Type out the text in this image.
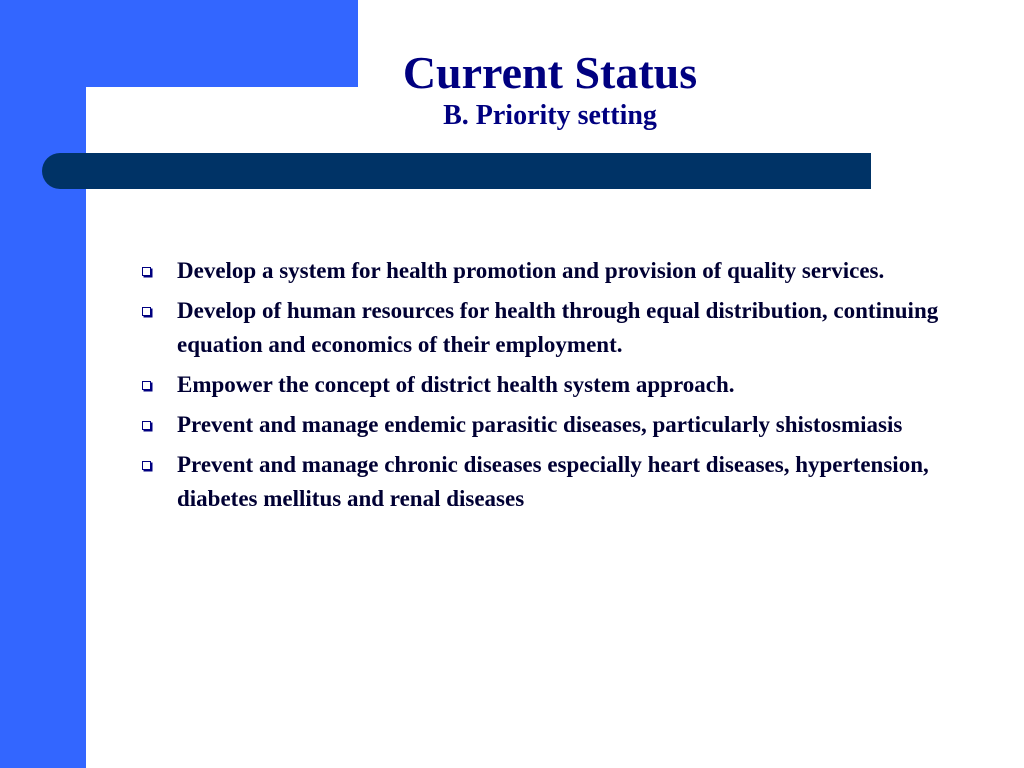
Current Status
B. Priority setting
Develop a system for health promotion and provision of quality services.
Develop of human resources for health through equal distribution, continuing equation and economics of their employment.
Empower the concept of district health system approach.
Prevent and manage endemic parasitic diseases, particularly shistosmiasis
Prevent and manage chronic diseases especially heart diseases, hypertension, diabetes mellitus and renal diseases
